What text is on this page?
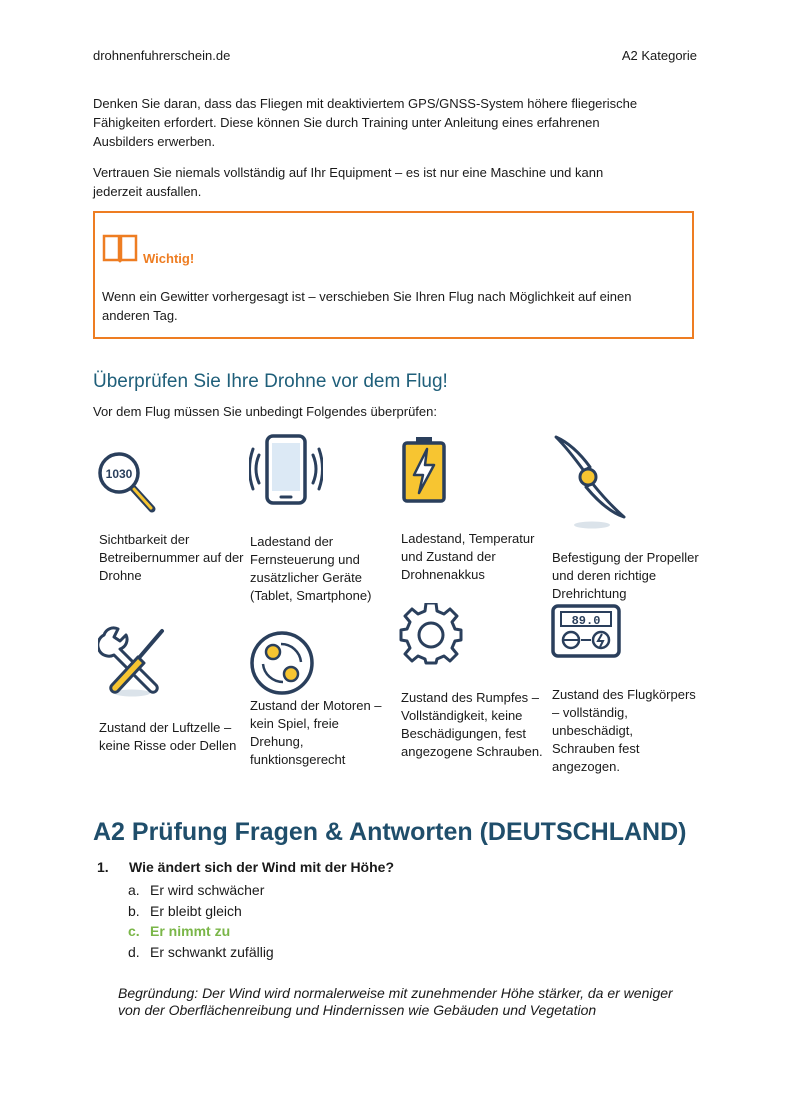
drohnenfuhrerschein.de	A2 Kategorie
Denken Sie daran, dass das Fliegen mit deaktiviertem GPS/GNSS-System höhere fliegerische Fähigkeiten erfordert. Diese können Sie durch Training unter Anleitung eines erfahrenen Ausbilders erwerben.
Vertrauen Sie niemals vollständig auf Ihr Equipment – es ist nur eine Maschine und kann jederzeit ausfallen.
Wichtig!
Wenn ein Gewitter vorhergesagt ist – verschieben Sie Ihren Flug nach Möglichkeit auf einen anderen Tag.
Überprüfen Sie Ihre Drohne vor dem Flug!
Vor dem Flug müssen Sie unbedingt Folgendes überprüfen:
1030
Sichtbarkeit der Betreibernummer auf der Drohne
Ladestand der Fernsteuerung und zusätzlicher Geräte (Tablet, Smartphone)
Ladestand, Temperatur und Zustand der Drohnenakkus
Befestigung der Propeller und deren richtige Drehrichtung
89.0
Zustand der Luftzelle – keine Risse oder Dellen
Zustand der Motoren – kein Spiel, freie Drehung, funktionsgerecht
Zustand des Rumpfes – Vollständigkeit, keine Beschädigungen, fest angezogene Schrauben.
Zustand des Flugkörpers – vollständig, unbeschädigt, Schrauben fest angezogen.
A2 Prüfung Fragen & Antworten (DEUTSCHLAND)
1. Wie ändert sich der Wind mit der Höhe?
a. Er wird schwächer
b. Er bleibt gleich
c. Er nimmt zu
d. Er schwankt zufällig
Begründung: Der Wind wird normalerweise mit zunehmender Höhe stärker, da er weniger von der Oberflächenreibung und Hindernissen wie Gebäuden und Vegetation
